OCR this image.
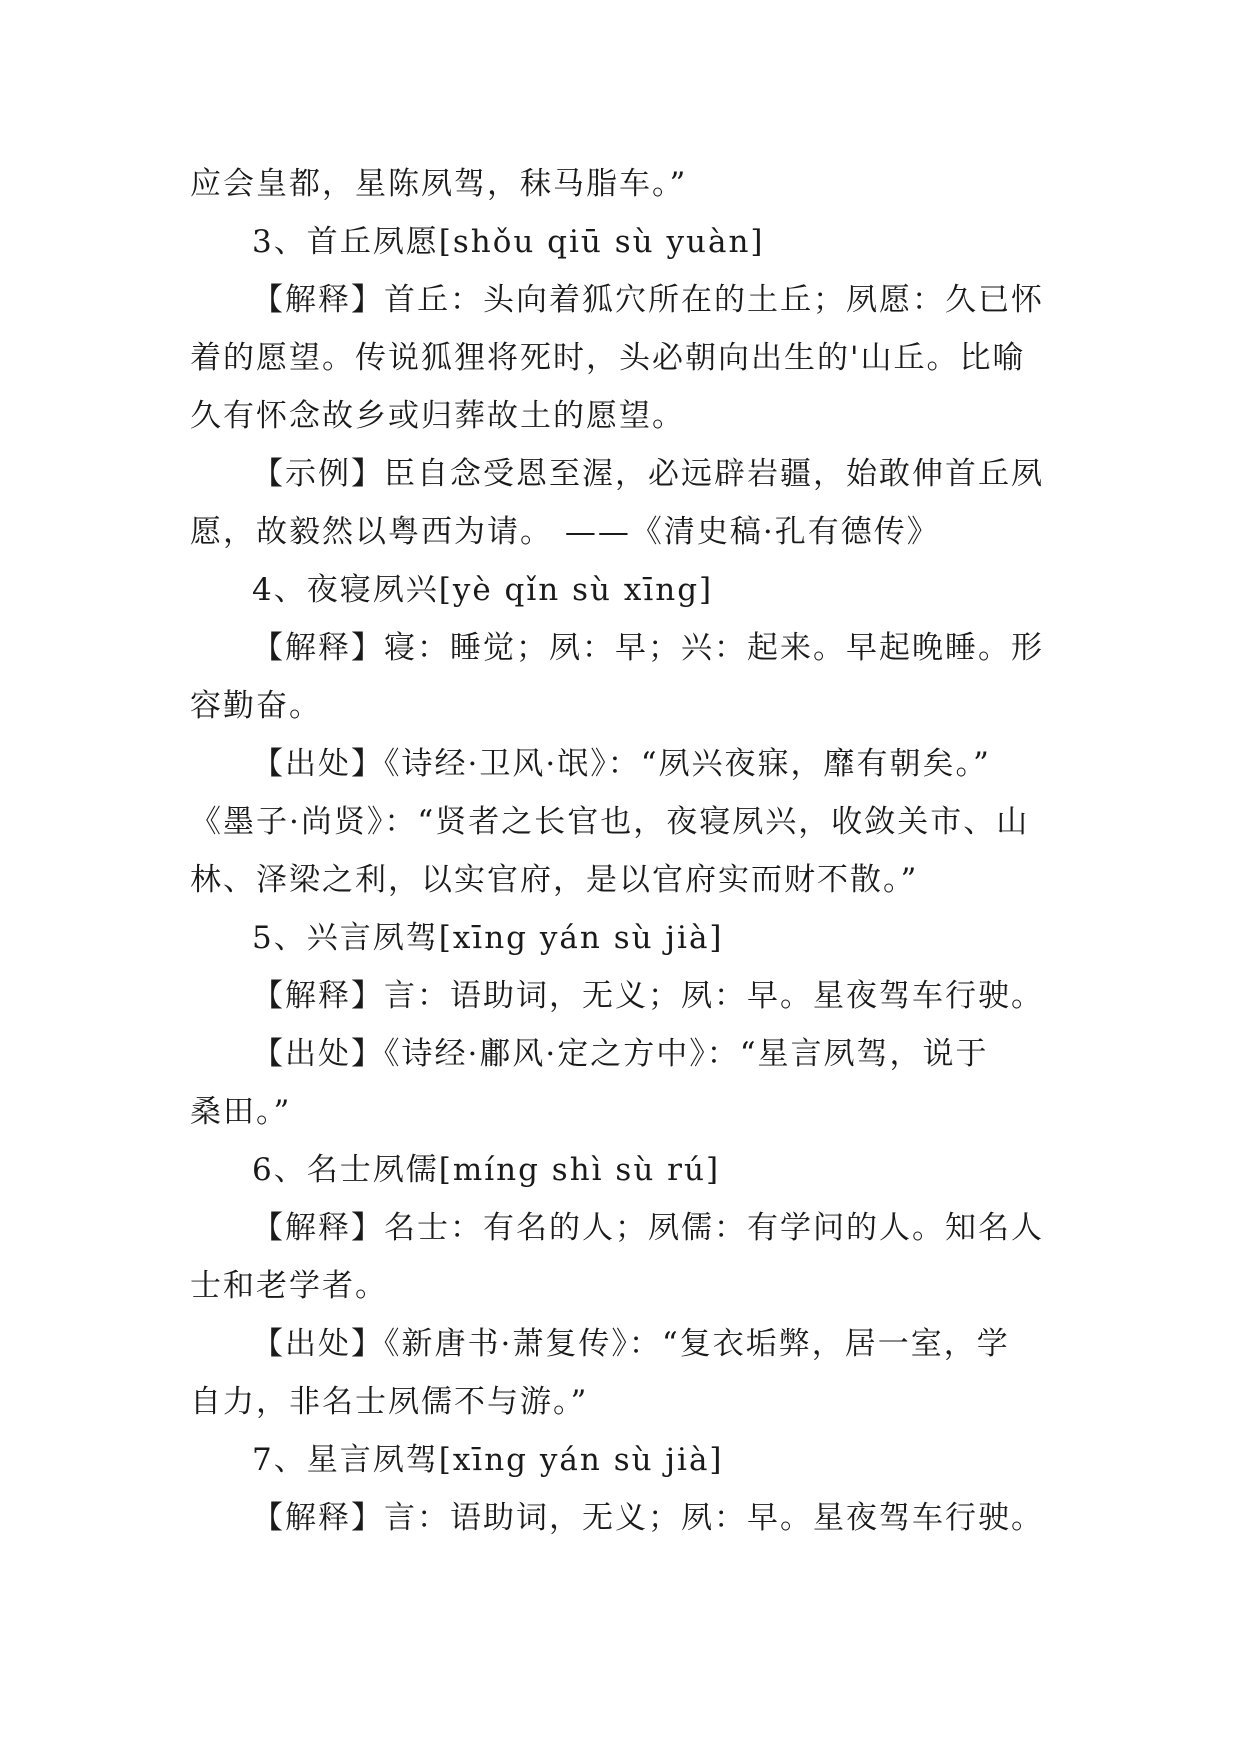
应会皇都，星陈夙驾，秣马脂车。”
3、首丘夙愿[shǒu qiū sù yuàn]
【解释】首丘：头向着狐穴所在的土丘；夙愿：久已怀
着的愿望。传说狐狸将死时，头必朝向出生的'山丘。比喻
久有怀念故乡或归葬故土的愿望。
【示例】臣自念受恩至渥，必远辟岩疆，始敢伸首丘夙
愿，故毅然以粤西为请。 ——《清史稿·孔有德传》
4、夜寝夙兴[yè qǐn sù xīng]
【解释】寝：睡觉；夙：早；兴：起来。早起晚睡。形
容勤奋。
【出处】《诗经·卫风·氓》：“夙兴夜寐，靡有朝矣。”
《墨子·尚贤》：“贤者之长官也，夜寝夙兴，收敛关市、山
林、泽梁之利，以实官府，是以官府实而财不散。”
5、兴言夙驾[xīng yán sù jià]
【解释】言：语助词，无义；夙：早。星夜驾车行驶。
【出处】《诗经·鄘风·定之方中》：“星言夙驾，说于
桑田。”
6、名士夙儒[míng shì sù rú]
【解释】名士：有名的人；夙儒：有学问的人。知名人
士和老学者。
【出处】《新唐书·萧复传》：“复衣垢弊，居一室，学
自力，非名士夙儒不与游。”
7、星言夙驾[xīng yán sù jià]
【解释】言：语助词，无义；夙：早。星夜驾车行驶。
